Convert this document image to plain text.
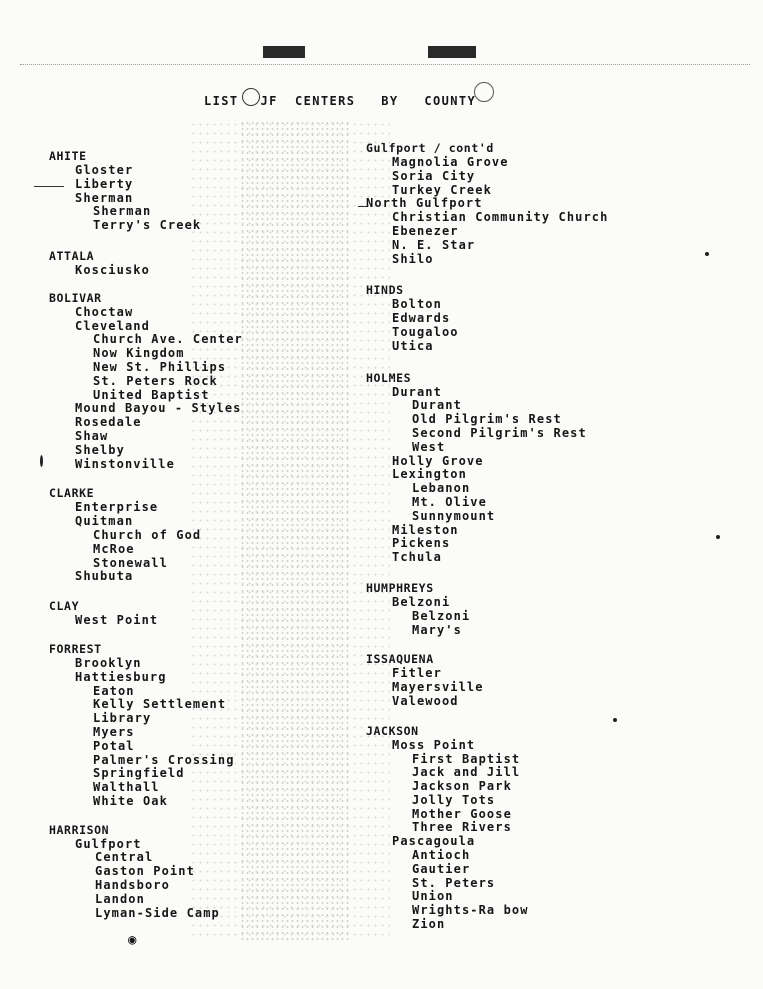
LIST JF CENTERS BY COUNTY
AHITE
Gloster
Liberty
Sherman
Sherman
Terry's Creek
ATTALA
Kosciusko
BOLIVAR
Choctaw
Cleveland
Church Ave. Center
Now Kingdom
New St. Phillips
St. Peters Rock
United Baptist
Mound Bayou - Styles
Rosedale
Shaw
Shelby
Winstonville
CLARKE
Enterprise
Quitman
Church of God
McRoe
Stonewall
Shubuta
CLAY
West Point
FORREST
Brooklyn
Hattiesburg
Eaton
Kelly Settlement
Library
Myers
Potal
Palmer's Crossing
Springfield
Walthall
White Oak
HARRISON
Gulfport
Central
Gaston Point
Handsboro
Landon
Lyman-Side Camp
Gulfport / cont'd
Magnolia Grove
Soria City
Turkey Creek
North Gulfport
Christian Community Church
Ebenezer
N. E. Star
Shilo
HINDS
Bolton
Edwards
Tougaloo
Utica
HOLMES
Durant
Durant
Old Pilgrim's Rest
Second Pilgrim's Rest
West
Holly Grove
Lexington
Lebanon
Mt. Olive
Sunnymount
Mileston
Pickens
Tchula
HUMPHREYS
Belzoni
Belzoni
Mary's
ISSAQUENA
Fitler
Mayersville
Valewood
JACKSON
Moss Point
First Baptist
Jack and Jill
Jackson Park
Jolly Tots
Mother Goose
Three Rivers
Pascagoula
Antioch
Gautier
St. Peters
Union
Wrights-Ra bow
Zion
◉
